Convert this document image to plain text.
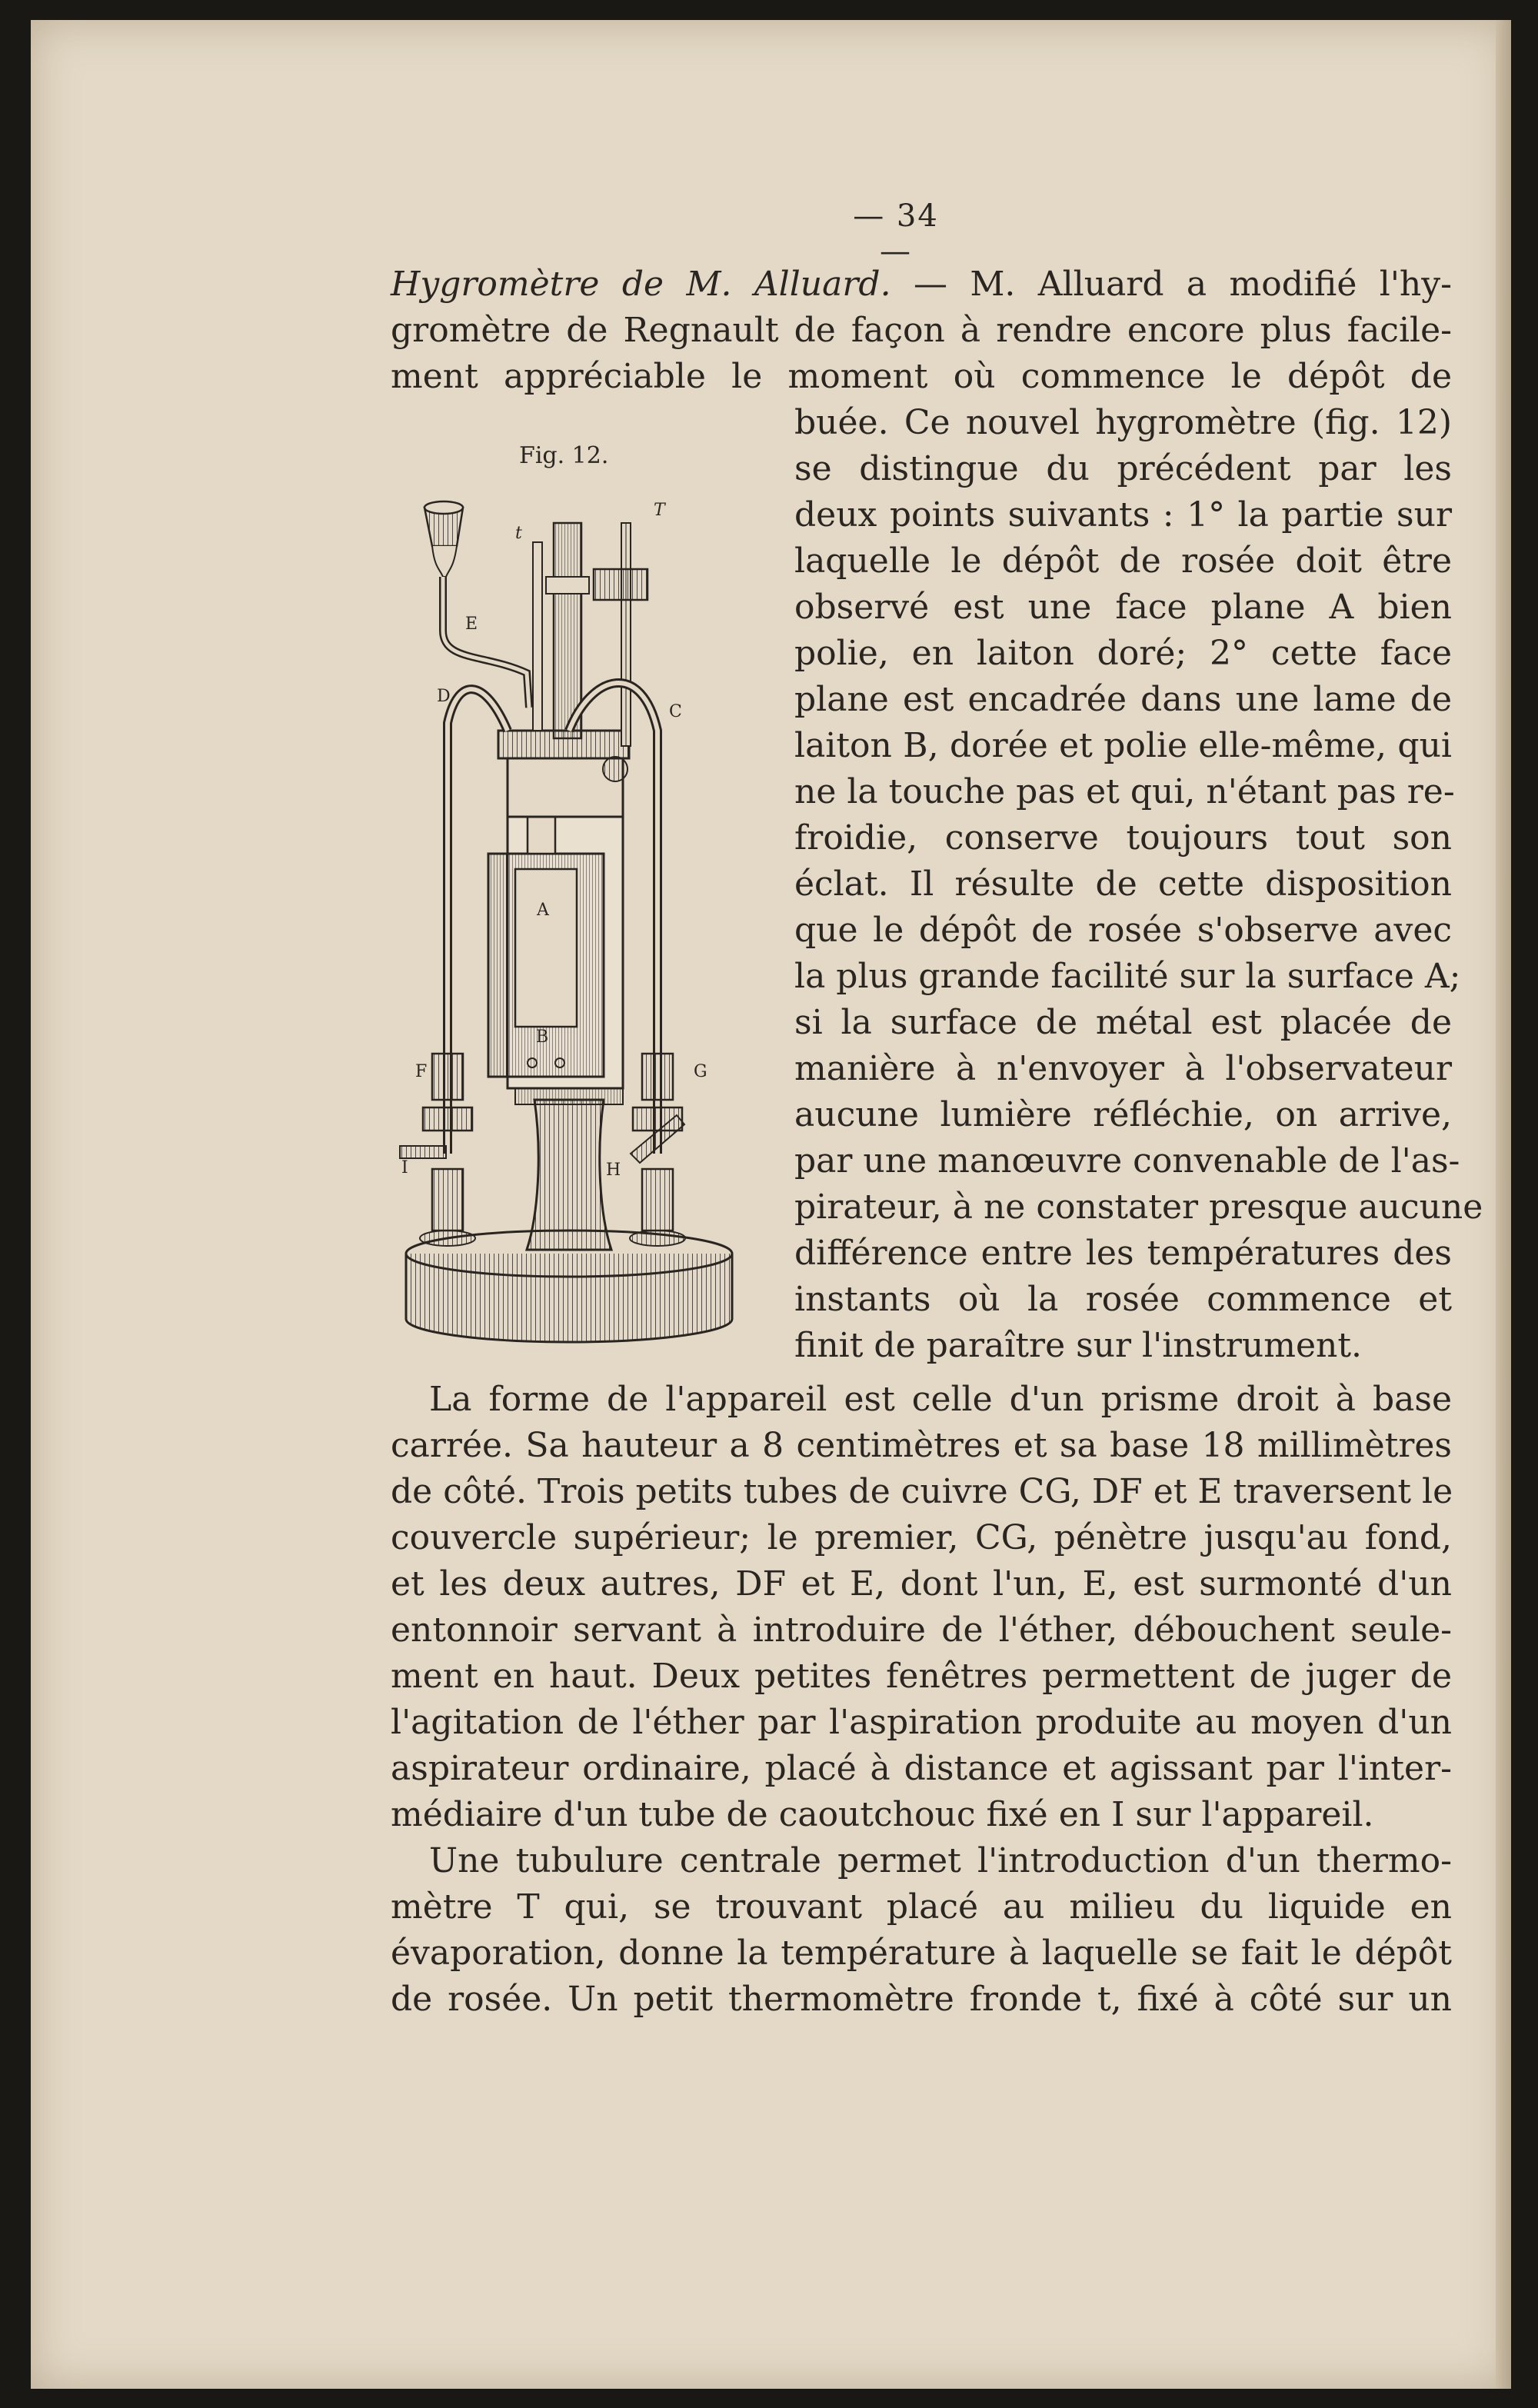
— 34 —
Hygromètre de M. Alluard. — M. Alluard a modifié l'hy-
gromètre de Regnault de façon à rendre encore plus facile-
ment appréciable le moment où commence le dépôt de
buée. Ce nouvel hygromètre (fig. 12)
se distingue du précédent par les
deux points suivants : 1° la partie sur
laquelle le dépôt de rosée doit être
observé est une face plane A bien
polie, en laiton doré; 2° cette face
plane est encadrée dans une lame de
laiton B, dorée et polie elle-même, qui
ne la touche pas et qui, n'étant pas re-
froidie, conserve toujours tout son
éclat. Il résulte de cette disposition
que le dépôt de rosée s'observe avec
la plus grande facilité sur la surface A;
si la surface de métal est placée de
manière à n'envoyer à l'observateur
aucune lumière réfléchie, on arrive,
par une manœuvre convenable de l'as-
pirateur, à ne constater presque aucune
différence entre les températures des
instants où la rosée commence et
finit de paraître sur l'instrument.
Fig. 12.
t
T
E
D
C
A
B
F	G
I	H
La forme de l'appareil est celle d'un prisme droit à base
carrée. Sa hauteur a 8 centimètres et sa base 18 millimètres
de côté. Trois petits tubes de cuivre CG, DF et E traversent le
couvercle supérieur; le premier, CG, pénètre jusqu'au fond,
et les deux autres, DF et E, dont l'un, E, est surmonté d'un
entonnoir servant à introduire de l'éther, débouchent seule-
ment en haut. Deux petites fenêtres permettent de juger de
l'agitation de l'éther par l'aspiration produite au moyen d'un
aspirateur ordinaire, placé à distance et agissant par l'inter-
médiaire d'un tube de caoutchouc fixé en I sur l'appareil.
Une tubulure centrale permet l'introduction d'un thermo-
mètre T qui, se trouvant placé au milieu du liquide en
évaporation, donne la température à laquelle se fait le dépôt
de rosée. Un petit thermomètre fronde t, fixé à côté sur un
